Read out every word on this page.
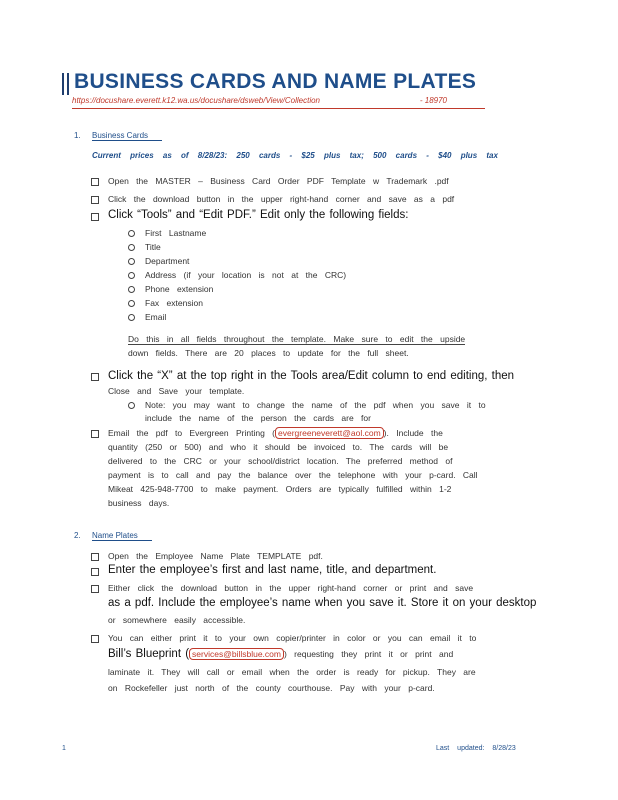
BUSINESS CARDS AND NAME PLATES
https://docushare.everett.k12.wa.us/docushare/dsweb/View/Collection	- 18970
1. Business Cards
Current prices as of 8/28/23: 250 cards - $25 plus tax; 500 cards - $40 plus tax
Open the MASTER – Business Card Order PDF Template w Trademark .pdf
Click the download button in the upper right-hand corner and save as a pdf
Click “Tools” and “Edit PDF.” Edit only the following fields:
First Lastname
Title
Department
Address (if your location is not at the CRC)
Phone extension
Fax extension
Email
Do this in all fields throughout the template. Make sure to edit the upside
down fields. There are 20 places to update for the full sheet.
Click the “X” at the top right in the Tools area/Edit column to end editing, then
Close and Save your template.
Note: you may want to change the name of the pdf when you save it to
include the name of the person the cards are for
Email the pdf to Evergreen Printing ( evergreeneverett@aol.com ). Include the
quantity (250 or 500) and who it should be invoiced to. The cards will be
delivered to the CRC or your school/district location. The preferred method of
payment is to call and pay the balance over the telephone with your p-card. Call
Mikeat 425-948-7700 to make payment. Orders are typically fulfilled within 1-2
business days.
2. Name Plates
Open the Employee Name Plate TEMPLATE pdf.
Enter the employee’s first and last name, title, and department.
Either click the download button in the upper right-hand corner or print and save
as a pdf. Include the employee’s name when you save it. Store it on your desktop
or somewhere easily accessible.
You can either print it to your own copier/printer in color or you can email it to
Bill’s Blueprint ( services@billsblue.com ) requesting they print it or print and
laminate it. They will call or email when the order is ready for pickup. They are
on Rockefeller just north of the county courthouse. Pay with your p-card.
1	Last updated: 8/28/23
